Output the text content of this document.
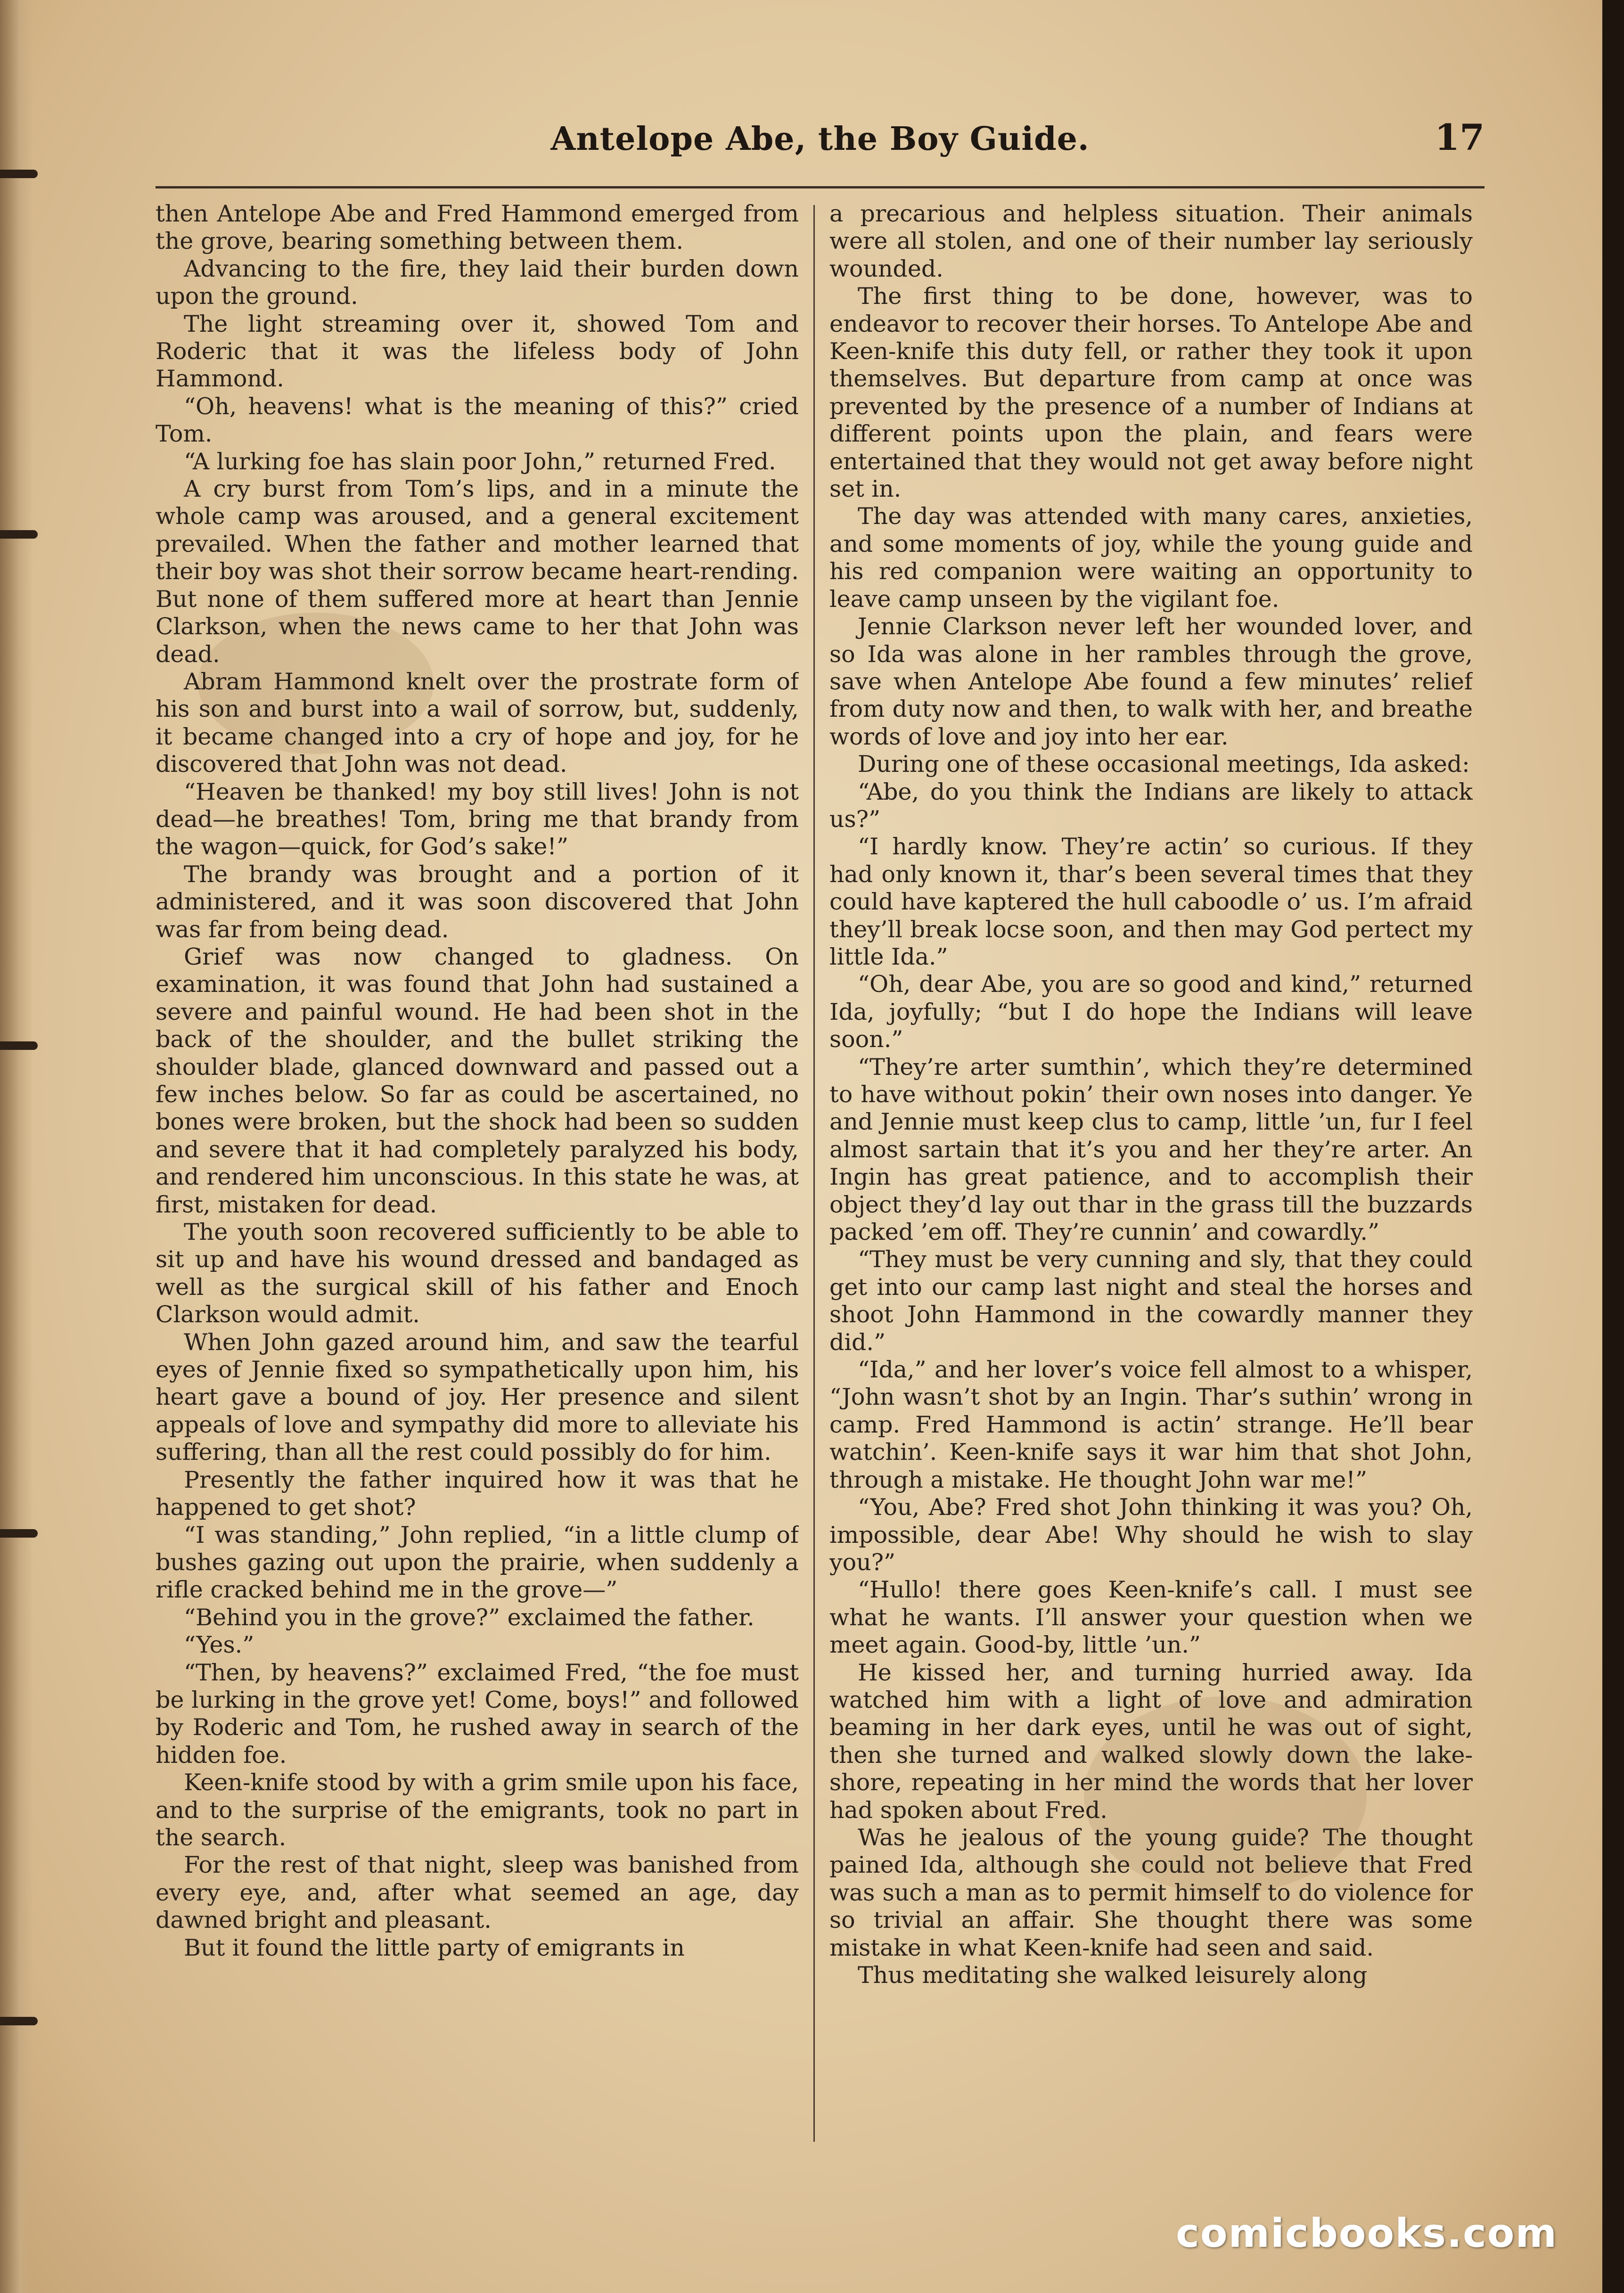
Antelope Abe, the Boy Guide.	17

then Antelope Abe and Fred Hammond emerged from the grove, bearing something between them.

Advancing to the fire, they laid their burden down upon the ground.

The light streaming over it, showed Tom and Roderic that it was the lifeless body of John Hammond.

“Oh, heavens! what is the meaning of this?” cried Tom.

“A lurking foe has slain poor John,” returned Fred.

A cry burst from Tom’s lips, and in a minute the whole camp was aroused, and a general excitement prevailed. When the father and mother learned that their boy was shot their sorrow became heart-rending. But none of them suffered more at heart than Jennie Clarkson, when the news came to her that John was dead.

Abram Hammond knelt over the prostrate form of his son and burst into a wail of sorrow, but, suddenly, it became changed into a cry of hope and joy, for he discovered that John was not dead.

“Heaven be thanked! my boy still lives! John is not dead—he breathes! Tom, bring me that brandy from the wagon—quick, for God’s sake!”

The brandy was brought and a portion of it administered, and it was soon discovered that John was far from being dead.

Grief was now changed to gladness. On examination, it was found that John had sustained a severe and painful wound. He had been shot in the back of the shoulder, and the bullet striking the shoulder blade, glanced downward and passed out a few inches below. So far as could be ascertained, no bones were broken, but the shock had been so sudden and severe that it had completely paralyzed his body, and rendered him unconscious. In this state he was, at first, mistaken for dead.

The youth soon recovered sufficiently to be able to sit up and have his wound dressed and bandaged as well as the surgical skill of his father and Enoch Clarkson would admit.

When John gazed around him, and saw the tearful eyes of Jennie fixed so sympathetically upon him, his heart gave a bound of joy. Her presence and silent appeals of love and sympathy did more to alleviate his suffering, than all the rest could possibly do for him.

Presently the father inquired how it was that he happened to get shot?

“I was standing,” John replied, “in a little clump of bushes gazing out upon the prairie, when suddenly a rifle cracked behind me in the grove—”

“Behind you in the grove?” exclaimed the father.

“Yes.”

“Then, by heavens?” exclaimed Fred, “the foe must be lurking in the grove yet! Come, boys!” and followed by Roderic and Tom, he rushed away in search of the hidden foe.

Keen-knife stood by with a grim smile upon his face, and to the surprise of the emigrants, took no part in the search.

For the rest of that night, sleep was banished from every eye, and, after what seemed an age, day dawned bright and pleasant.

But it found the little party of emigrants in

a precarious and helpless situation. Their animals were all stolen, and one of their number lay seriously wounded.

The first thing to be done, however, was to endeavor to recover their horses. To Antelope Abe and Keen-knife this duty fell, or rather they took it upon themselves. But departure from camp at once was prevented by the presence of a number of Indians at different points upon the plain, and fears were entertained that they would not get away before night set in.

The day was attended with many cares, anxieties, and some moments of joy, while the young guide and his red companion were waiting an opportunity to leave camp unseen by the vigilant foe.

Jennie Clarkson never left her wounded lover, and so Ida was alone in her rambles through the grove, save when Antelope Abe found a few minutes’ relief from duty now and then, to walk with her, and breathe words of love and joy into her ear.

During one of these occasional meetings, Ida asked:

“Abe, do you think the Indians are likely to attack us?”

“I hardly know. They’re actin’ so curious. If they had only known it, thar’s been several times that they could have kaptered the hull caboodle o’ us. I’m afraid they’ll break locse soon, and then may God pertect my little Ida.”

“Oh, dear Abe, you are so good and kind,” returned Ida, joyfully; “but I do hope the Indians will leave soon.”

“They’re arter sumthin’, which they’re determined to have without pokin’ their own noses into danger. Ye and Jennie must keep clus to camp, little ’un, fur I feel almost sartain that it’s you and her they’re arter. An Ingin has great patience, and to accomplish their object they’d lay out thar in the grass till the buzzards packed ’em off. They’re cunnin’ and cowardly.”

“They must be very cunning and sly, that they could get into our camp last night and steal the horses and shoot John Hammond in the cowardly manner they did.”

“Ida,” and her lover’s voice fell almost to a whisper, “John wasn’t shot by an Ingin. Thar’s suthin’ wrong in camp. Fred Hammond is actin’ strange. He’ll bear watchin’. Keen-knife says it war him that shot John, through a mistake. He thought John war me!”

“You, Abe? Fred shot John thinking it was you? Oh, impossible, dear Abe! Why should he wish to slay you?”

“Hullo! there goes Keen-knife’s call. I must see what he wants. I’ll answer your question when we meet again. Good-by, little ’un.”

He kissed her, and turning hurried away. Ida watched him with a light of love and admiration beaming in her dark eyes, until he was out of sight, then she turned and walked slowly down the lake-shore, repeating in her mind the words that her lover had spoken about Fred.

Was he jealous of the young guide? The thought pained Ida, although she could not believe that Fred was such a man as to permit himself to do violence for so trivial an affair. She thought there was some mistake in what Keen-knife had seen and said.

Thus meditating she walked leisurely along

comicbooks.com
